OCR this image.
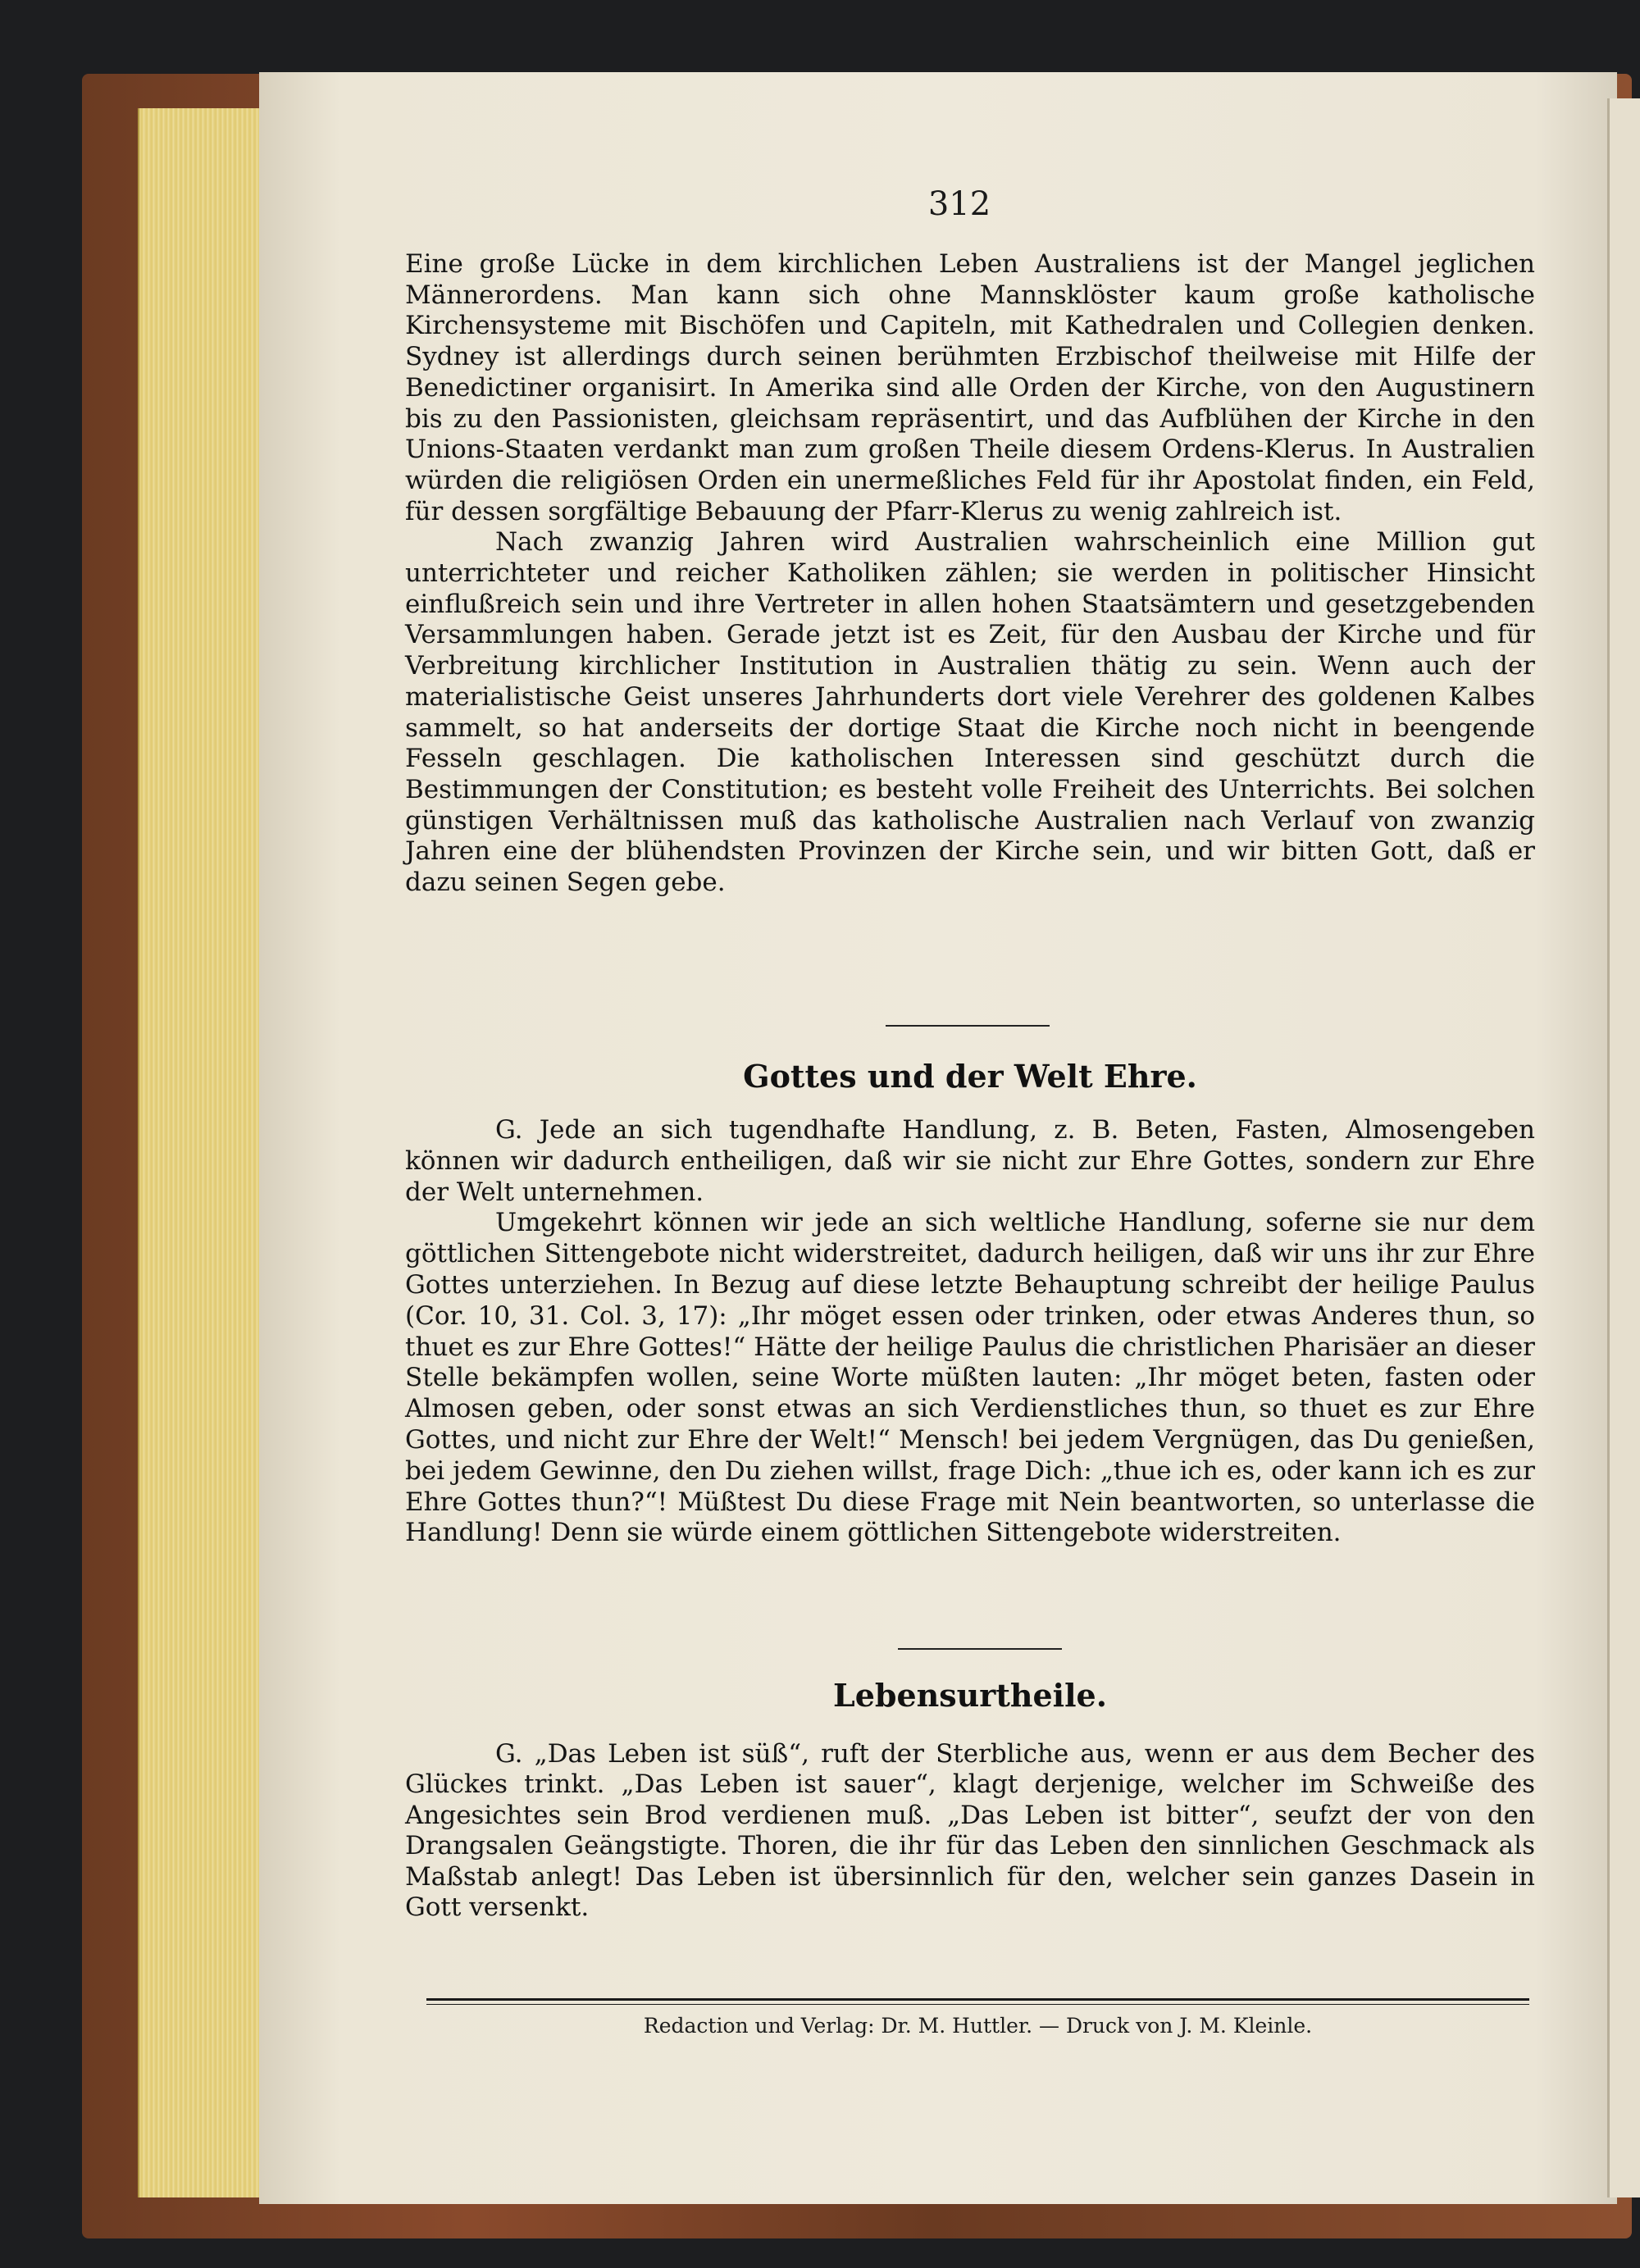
312

Eine große Lücke in dem kirchlichen Leben Australiens ist der Mangel jeglichen Männerordens. Man kann sich ohne Mannsklöster kaum große katholische Kirchensysteme mit Bischöfen und Capiteln, mit Kathedralen und Collegien denken. Sydney ist allerdings durch seinen berühmten Erzbischof theilweise mit Hilfe der Benedictiner organisirt. In Amerika sind alle Orden der Kirche, von den Augustinern bis zu den Passionisten, gleichsam repräsentirt, und das Aufblühen der Kirche in den Unions-Staaten verdankt man zum großen Theile diesem Ordens-Klerus. In Australien würden die religiösen Orden ein unermeßliches Feld für ihr Apostolat finden, ein Feld, für dessen sorgfältige Bebauung der Pfarr-Klerus zu wenig zahlreich ist.

Nach zwanzig Jahren wird Australien wahrscheinlich eine Million gut unterrichteter und reicher Katholiken zählen; sie werden in politischer Hinsicht einflußreich sein und ihre Vertreter in allen hohen Staatsämtern und gesetzgebenden Versammlungen haben. Gerade jetzt ist es Zeit, für den Ausbau der Kirche und für Verbreitung kirchlicher Institution in Australien thätig zu sein. Wenn auch der materialistische Geist unseres Jahrhunderts dort viele Verehrer des goldenen Kalbes sammelt, so hat anderseits der dortige Staat die Kirche noch nicht in beengende Fesseln geschlagen. Die katholischen Interessen sind geschützt durch die Bestimmungen der Constitution; es besteht volle Freiheit des Unterrichts. Bei solchen günstigen Verhältnissen muß das katholische Australien nach Verlauf von zwanzig Jahren eine der blühendsten Provinzen der Kirche sein, und wir bitten Gott, daß er dazu seinen Segen gebe.

Gottes und der Welt Ehre.

G. Jede an sich tugendhafte Handlung, z. B. Beten, Fasten, Almosengeben können wir dadurch entheiligen, daß wir sie nicht zur Ehre Gottes, sondern zur Ehre der Welt unternehmen.

Umgekehrt können wir jede an sich weltliche Handlung, soferne sie nur dem göttlichen Sittengebote nicht widerstreitet, dadurch heiligen, daß wir uns ihr zur Ehre Gottes unterziehen. In Bezug auf diese letzte Behauptung schreibt der heilige Paulus (Cor. 10, 31. Col. 3, 17): „Ihr möget essen oder trinken, oder etwas Anderes thun, so thuet es zur Ehre Gottes!“ Hätte der heilige Paulus die christlichen Pharisäer an dieser Stelle bekämpfen wollen, seine Worte müßten lauten: „Ihr möget beten, fasten oder Almosen geben, oder sonst etwas an sich Verdienstliches thun, so thuet es zur Ehre Gottes, und nicht zur Ehre der Welt!“ Mensch! bei jedem Vergnügen, das Du genießen, bei jedem Gewinne, den Du ziehen willst, frage Dich: „thue ich es, oder kann ich es zur Ehre Gottes thun?“! Müßtest Du diese Frage mit Nein beantworten, so unterlasse die Handlung! Denn sie würde einem göttlichen Sittengebote widerstreiten.

Lebensurtheile.

G. „Das Leben ist süß“, ruft der Sterbliche aus, wenn er aus dem Becher des Glückes trinkt. „Das Leben ist sauer“, klagt derjenige, welcher im Schweiße des Angesichtes sein Brod verdienen muß. „Das Leben ist bitter“, seufzt der von den Drangsalen Geängstigte. Thoren, die ihr für das Leben den sinnlichen Geschmack als Maßstab anlegt! Das Leben ist übersinnlich für den, welcher sein ganzes Dasein in Gott versenkt.

Redaction und Verlag: Dr. M. Huttler. — Druck von J. M. Kleinle.
